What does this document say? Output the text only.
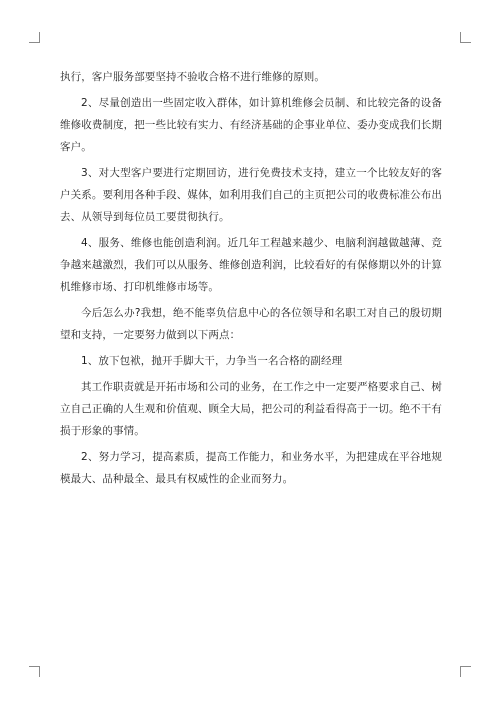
执行，客户服务部要坚持不验收合格不进行维修的原则。

2、尽量创造出一些固定收入群体，如计算机维修会员制、和比较完备的设备维修收费制度，把一些比较有实力、有经济基础的企事业单位、委办变成我们长期客户。

3、对大型客户要进行定期回访，进行免费技术支持，建立一个比较友好的客户关系。要利用各种手段、媒体，如利用我们自己的主页把公司的收费标准公布出去、从领导到每位员工要贯彻执行。

4、服务、维修也能创造利润。近几年工程越来越少、电脑利润越做越薄、竞争越来越激烈，我们可以从服务、维修创造利润，比较看好的有保修期以外的计算机维修市场、打印机维修市场等。

今后怎么办?我想，绝不能辜负信息中心的各位领导和名职工对自己的殷切期望和支持，一定要努力做到以下两点：

1、放下包袱，抛开手脚大干，力争当一名合格的副经理

其工作职责就是开拓市场和公司的业务，在工作之中一定要严格要求自己、树立自己正确的人生观和价值观、顾全大局，把公司的利益看得高于一切。绝不干有损于形象的事情。

2、努力学习，提高素质，提高工作能力，和业务水平，为把建成在平谷地规模最大、品种最全、最具有权威性的企业而努力。
